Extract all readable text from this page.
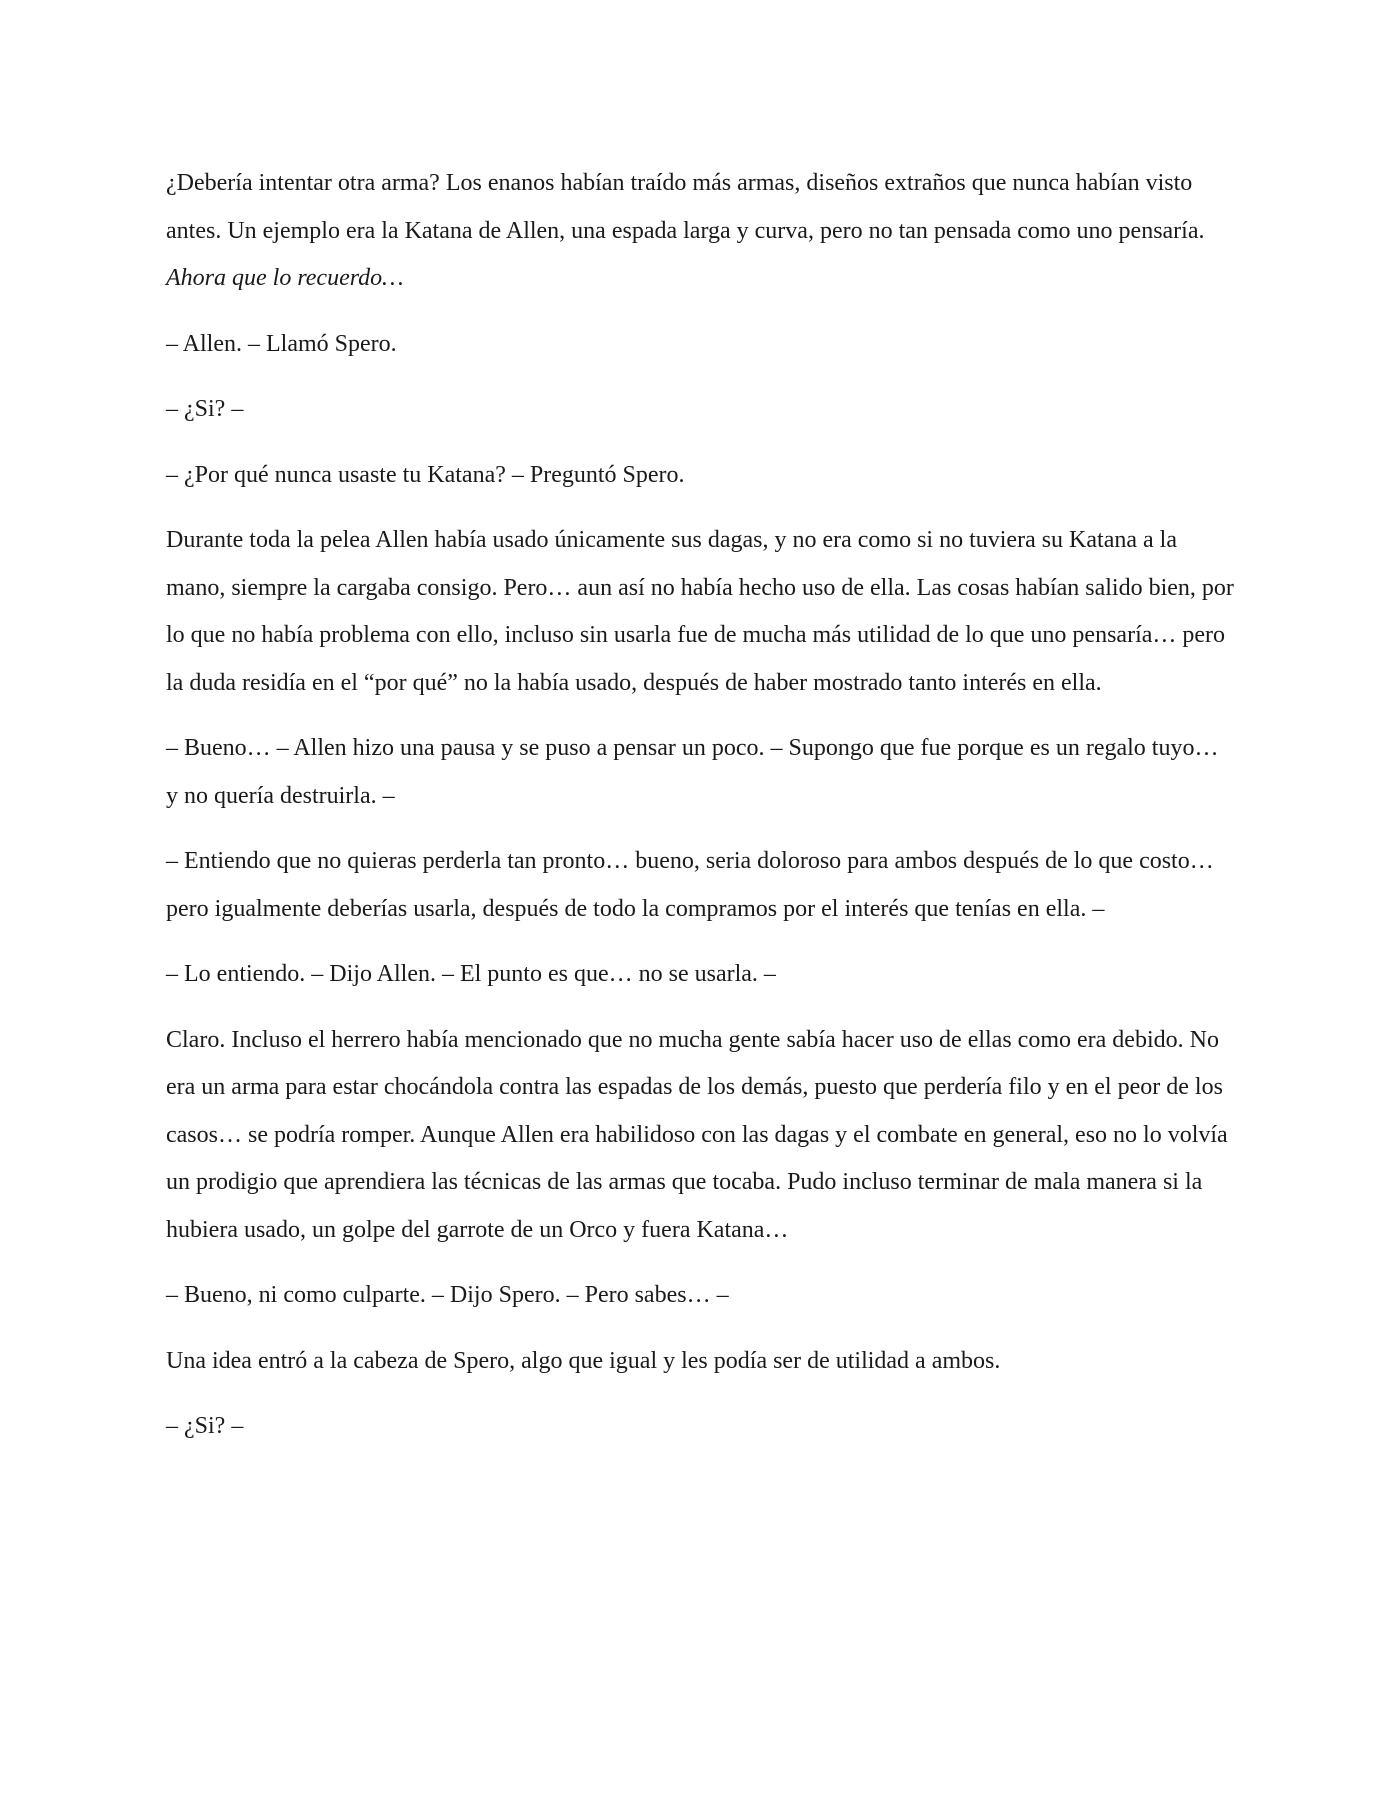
¿Debería intentar otra arma? Los enanos habían traído más armas, diseños extraños que nunca habían visto antes. Un ejemplo era la Katana de Allen, una espada larga y curva, pero no tan pensada como uno pensaría. Ahora que lo recuerdo…

– Allen. – Llamó Spero.

– ¿Si? –

– ¿Por qué nunca usaste tu Katana? – Preguntó Spero.

Durante toda la pelea Allen había usado únicamente sus dagas, y no era como si no tuviera su Katana a la mano, siempre la cargaba consigo. Pero… aun así no había hecho uso de ella. Las cosas habían salido bien, por lo que no había problema con ello, incluso sin usarla fue de mucha más utilidad de lo que uno pensaría… pero la duda residía en el “por qué” no la había usado, después de haber mostrado tanto interés en ella.

– Bueno… – Allen hizo una pausa y se puso a pensar un poco. – Supongo que fue porque es un regalo tuyo… y no quería destruirla. –

– Entiendo que no quieras perderla tan pronto… bueno, seria doloroso para ambos después de lo que costo… pero igualmente deberías usarla, después de todo la compramos por el interés que tenías en ella. –

– Lo entiendo. – Dijo Allen. – El punto es que… no se usarla. –

Claro. Incluso el herrero había mencionado que no mucha gente sabía hacer uso de ellas como era debido. No era un arma para estar chocándola contra las espadas de los demás, puesto que perdería filo y en el peor de los casos… se podría romper. Aunque Allen era habilidoso con las dagas y el combate en general, eso no lo volvía un prodigio que aprendiera las técnicas de las armas que tocaba. Pudo incluso terminar de mala manera si la hubiera usado, un golpe del garrote de un Orco y fuera Katana…

– Bueno, ni como culparte. – Dijo Spero. – Pero sabes… –

Una idea entró a la cabeza de Spero, algo que igual y les podía ser de utilidad a ambos.

– ¿Si? –
